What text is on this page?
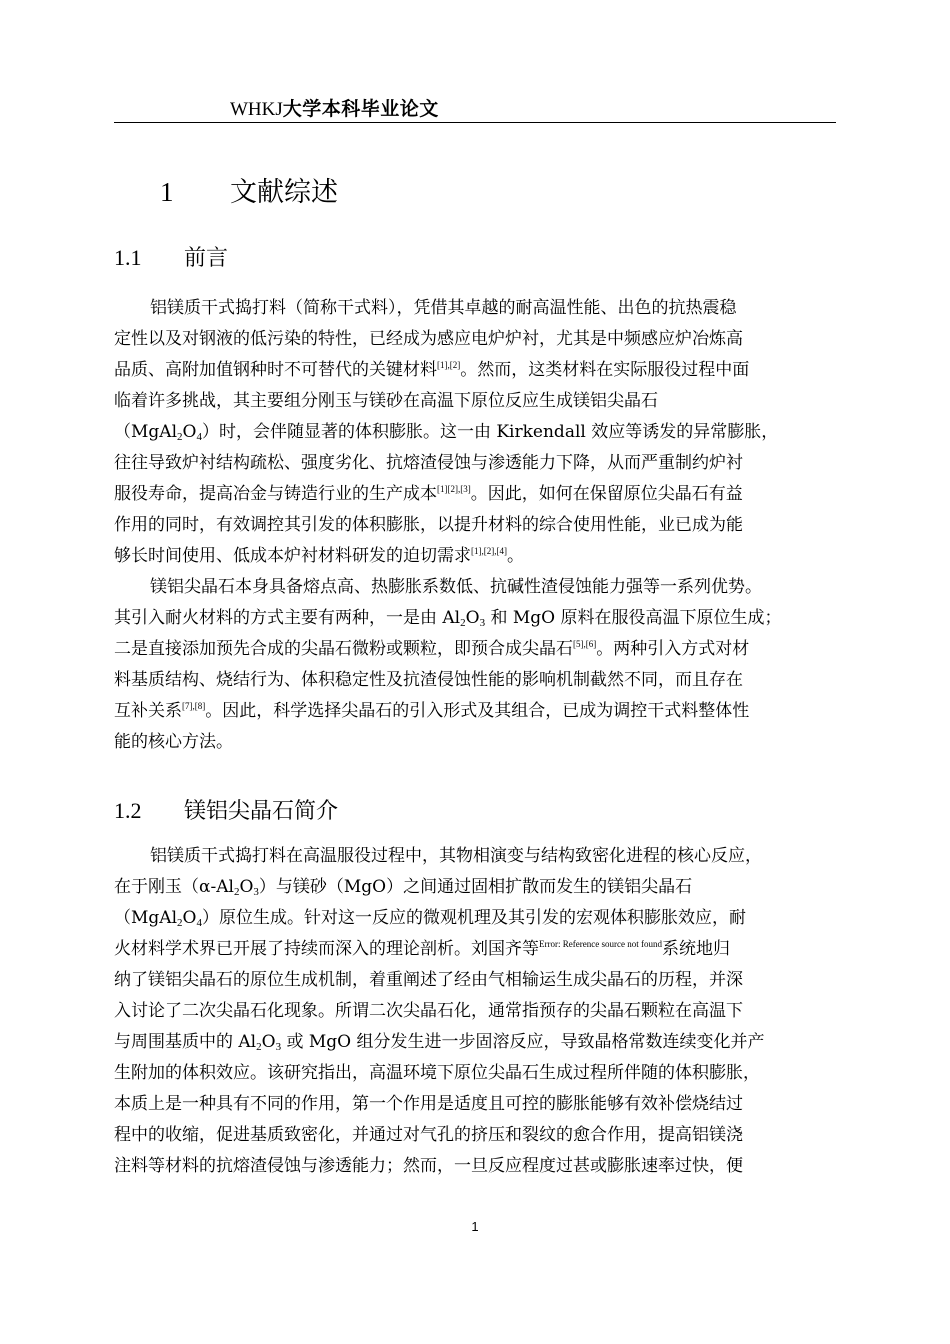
WHKJ大学本科毕业论文
1 文献综述
1.1 前言
铝镁质干式捣打料（简称干式料），凭借其卓越的耐高温性能、出色的抗热震稳
定性以及对钢液的低污染的特性，已经成为感应电炉炉衬，尤其是中频感应炉冶炼高
品质、高附加值钢种时不可替代的关键材料[1],[2]。然而，这类材料在实际服役过程中面
临着许多挑战，其主要组分刚玉与镁砂在高温下原位反应生成镁铝尖晶石
$(MgAl_2O_4)$时，会伴随显著的体积膨胀。这一由 Kirkendall 效应等诱发的异常膨胀，
往往导致炉衬结构疏松、强度劣化、抗熔渣侵蚀与渗透能力下降，从而严重制约炉衬
服役寿命，提高冶金与铸造行业的生产成本[1][2],[3]。因此，如何在保留原位尖晶石有益
作用的同时，有效调控其引发的体积膨胀，以提升材料的综合使用性能，业已成为能
够长时间使用、低成本炉衬材料研发的迫切需求[1],[2],[4]。
镁铝尖晶石本身具备熔点高、热膨胀系数低、抗碱性渣侵蚀能力强等一系列优势。
其引入耐火材料的方式主要有两种，一是由 $Al_2O_3$ 和 MgO 原料在服役高温下原位生成；
二是直接添加预先合成的尖晶石微粉或颗粒，即预合成尖晶石[5],[6]。两种引入方式对材
料基质结构、烧结行为、体积稳定性及抗渣侵蚀性能的影响机制截然不同，而且存在
互补关系[7],[8]。因此，科学选择尖晶石的引入形式及其组合，已成为调控干式料整体性
能的核心方法。
1.2 镁铝尖晶石简介
铝镁质干式捣打料在高温服役过程中，其物相演变与结构致密化进程的核心反应，
在于刚玉$(\alpha-Al_2O_3)$与镁砂（MgO）之间通过固相扩散而发生的镁铝尖晶石
$(MgAl_2O_4)$原位生成。针对这一反应的微观机理及其引发的宏观体积膨胀效应，耐
火材料学术界已开展了持续而深入的理论剖析。刘国齐等$^{Error: Reference source not found}$系统地归
纳了镁铝尖晶石的原位生成机制，着重阐述了经由气相输运生成尖晶石的历程，并深
入讨论了二次尖晶石化现象。所谓二次尖晶石化，通常指预存的尖晶石颗粒在高温下
与周围基质中的 $Al_2O_3$ 或 MgO 组分发生进一步固溶反应，导致晶格常数连续变化并产
生附加的体积效应。该研究指出，高温环境下原位尖晶石生成过程所伴随的体积膨胀，
本质上是一种具有不同的作用，第一个作用是适度且可控的膨胀能够有效补偿烧结过
程中的收缩，促进基质致密化，并通过对气孔的挤压和裂纹的愈合作用，提高铝镁浇
注料等材料的抗熔渣侵蚀与渗透能力；然而，一旦反应程度过甚或膨胀速率过快，便
1
